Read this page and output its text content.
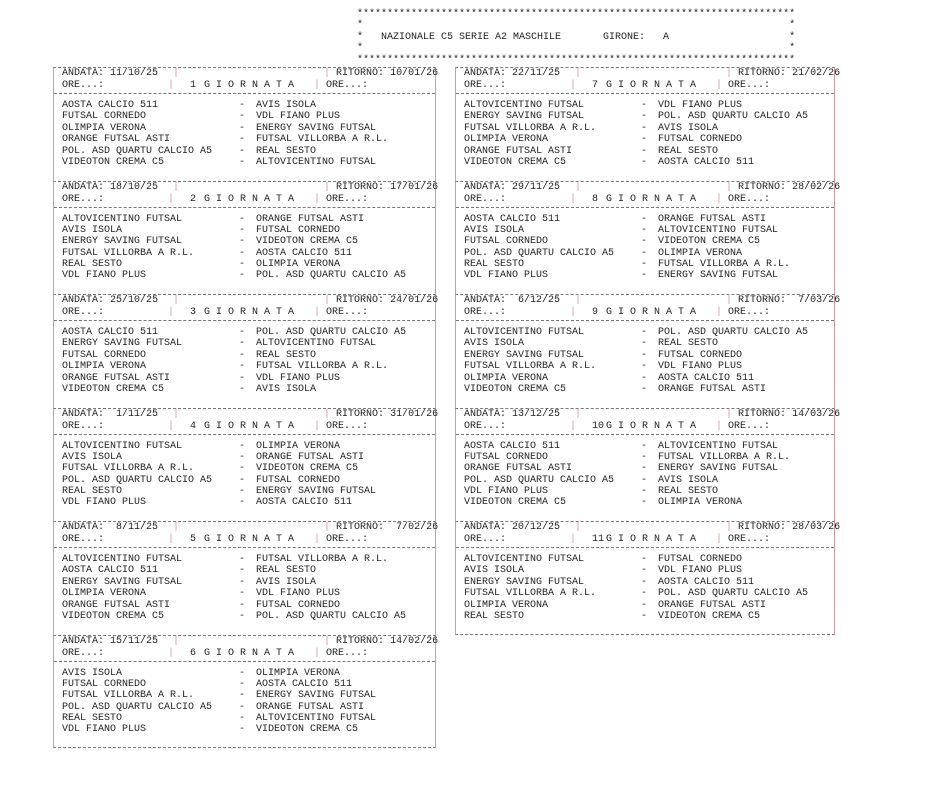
*************************************************************************
*                                                                       *
*   NAZIONALE C5 SERIE A2 MASCHILE       GIRONE:   A                    *
*                                                                       *
*************************************************************************
ANDATA: 11/10/25 |	| RITORNO: 10/01/26
ORE...:	|	1 G I O R N A T A	| ORE...:
AOSTA CALCIO 511	-	AVIS ISOLA
FUTSAL CORNEDO	-	VDL FIANO PLUS
OLIMPIA VERONA	-	ENERGY SAVING FUTSAL
ORANGE FUTSAL ASTI	-	FUTSAL VILLORBA A R.L.
POL. ASD QUARTU CALCIO A5	-	REAL SESTO
VIDEOTON CREMA C5	-	ALTOVICENTINO FUTSAL
ANDATA: 18/10/25 |	| RITORNO: 17/01/26
ORE...:	|	2 G I O R N A T A	| ORE...:
ALTOVICENTINO FUTSAL	-	ORANGE FUTSAL ASTI
AVIS ISOLA	-	FUTSAL CORNEDO
ENERGY SAVING FUTSAL	-	VIDEOTON CREMA C5
FUTSAL VILLORBA A R.L.	-	AOSTA CALCIO 511
REAL SESTO	-	OLIMPIA VERONA
VDL FIANO PLUS	-	POL. ASD QUARTU CALCIO A5
ANDATA: 25/10/25 |	| RITORNO: 24/01/26
ORE...:	|	3 G I O R N A T A	| ORE...:
AOSTA CALCIO 511	-	POL. ASD QUARTU CALCIO A5
ENERGY SAVING FUTSAL	-	ALTOVICENTINO FUTSAL
FUTSAL CORNEDO	-	REAL SESTO
OLIMPIA VERONA	-	FUTSAL VILLORBA A R.L.
ORANGE FUTSAL ASTI	-	VDL FIANO PLUS
VIDEOTON CREMA C5	-	AVIS ISOLA
ANDATA:  1/11/25 |	| RITORNO: 31/01/26
ORE...:	|	4 G I O R N A T A	| ORE...:
ALTOVICENTINO FUTSAL	-	OLIMPIA VERONA
AVIS ISOLA	-	ORANGE FUTSAL ASTI
FUTSAL VILLORBA A R.L.	-	VIDEOTON CREMA C5
POL. ASD QUARTU CALCIO A5	-	FUTSAL CORNEDO
REAL SESTO	-	ENERGY SAVING FUTSAL
VDL FIANO PLUS	-	AOSTA CALCIO 511
ANDATA:  8/11/25 |	| RITORNO:  7/02/26
ORE...:	|	5 G I O R N A T A	| ORE...:
ALTOVICENTINO FUTSAL	-	FUTSAL VILLORBA A R.L.
AOSTA CALCIO 511	-	REAL SESTO
ENERGY SAVING FUTSAL	-	AVIS ISOLA
OLIMPIA VERONA	-	VDL FIANO PLUS
ORANGE FUTSAL ASTI	-	FUTSAL CORNEDO
VIDEOTON CREMA C5	-	POL. ASD QUARTU CALCIO A5
ANDATA: 15/11/25 |	| RITORNO: 14/02/26
ORE...:	|	6 G I O R N A T A	| ORE...:
AVIS ISOLA	-	OLIMPIA VERONA
FUTSAL CORNEDO	-	AOSTA CALCIO 511
FUTSAL VILLORBA A R.L.	-	ENERGY SAVING FUTSAL
POL. ASD QUARTU CALCIO A5	-	ORANGE FUTSAL ASTI
REAL SESTO	-	ALTOVICENTINO FUTSAL
VDL FIANO PLUS	-	VIDEOTON CREMA C5
ANDATA: 22/11/25 |	| RITORNO: 21/02/26
ORE...:	|	7 G I O R N A T A	| ORE...:
ALTOVICENTINO FUTSAL	-	VDL FIANO PLUS
ENERGY SAVING FUTSAL	-	POL. ASD QUARTU CALCIO A5
FUTSAL VILLORBA A R.L.	-	AVIS ISOLA
OLIMPIA VERONA	-	FUTSAL CORNEDO
ORANGE FUTSAL ASTI	-	REAL SESTO
VIDEOTON CREMA C5	-	AOSTA CALCIO 511
ANDATA: 29/11/25 |	| RITORNO: 28/02/26
ORE...:	|	8 G I O R N A T A	| ORE...:
AOSTA CALCIO 511	-	ORANGE FUTSAL ASTI
AVIS ISOLA	-	ALTOVICENTINO FUTSAL
FUTSAL CORNEDO	-	VIDEOTON CREMA C5
POL. ASD QUARTU CALCIO A5	-	OLIMPIA VERONA
REAL SESTO	-	FUTSAL VILLORBA A R.L.
VDL FIANO PLUS	-	ENERGY SAVING FUTSAL
ANDATA:  6/12/25 |	| RITORNO:  7/03/26
ORE...:	|	9 G I O R N A T A	| ORE...:
ALTOVICENTINO FUTSAL	-	POL. ASD QUARTU CALCIO A5
AVIS ISOLA	-	REAL SESTO
ENERGY SAVING FUTSAL	-	FUTSAL CORNEDO
FUTSAL VILLORBA A R.L.	-	VDL FIANO PLUS
OLIMPIA VERONA	-	AOSTA CALCIO 511
VIDEOTON CREMA C5	-	ORANGE FUTSAL ASTI
ANDATA: 13/12/25 |	| RITORNO: 14/03/26
ORE...:	|	10 G I O R N A T A	| ORE...:
AOSTA CALCIO 511	-	ALTOVICENTINO FUTSAL
FUTSAL CORNEDO	-	FUTSAL VILLORBA A R.L.
ORANGE FUTSAL ASTI	-	ENERGY SAVING FUTSAL
POL. ASD QUARTU CALCIO A5	-	AVIS ISOLA
VDL FIANO PLUS	-	REAL SESTO
VIDEOTON CREMA C5	-	OLIMPIA VERONA
ANDATA: 20/12/25 |	| RITORNO: 28/03/26
ORE...:	|	11 G I O R N A T A	| ORE...:
ALTOVICENTINO FUTSAL	-	FUTSAL CORNEDO
AVIS ISOLA	-	VDL FIANO PLUS
ENERGY SAVING FUTSAL	-	AOSTA CALCIO 511
FUTSAL VILLORBA A R.L.	-	POL. ASD QUARTU CALCIO A5
OLIMPIA VERONA	-	ORANGE FUTSAL ASTI
REAL SESTO	-	VIDEOTON CREMA C5
